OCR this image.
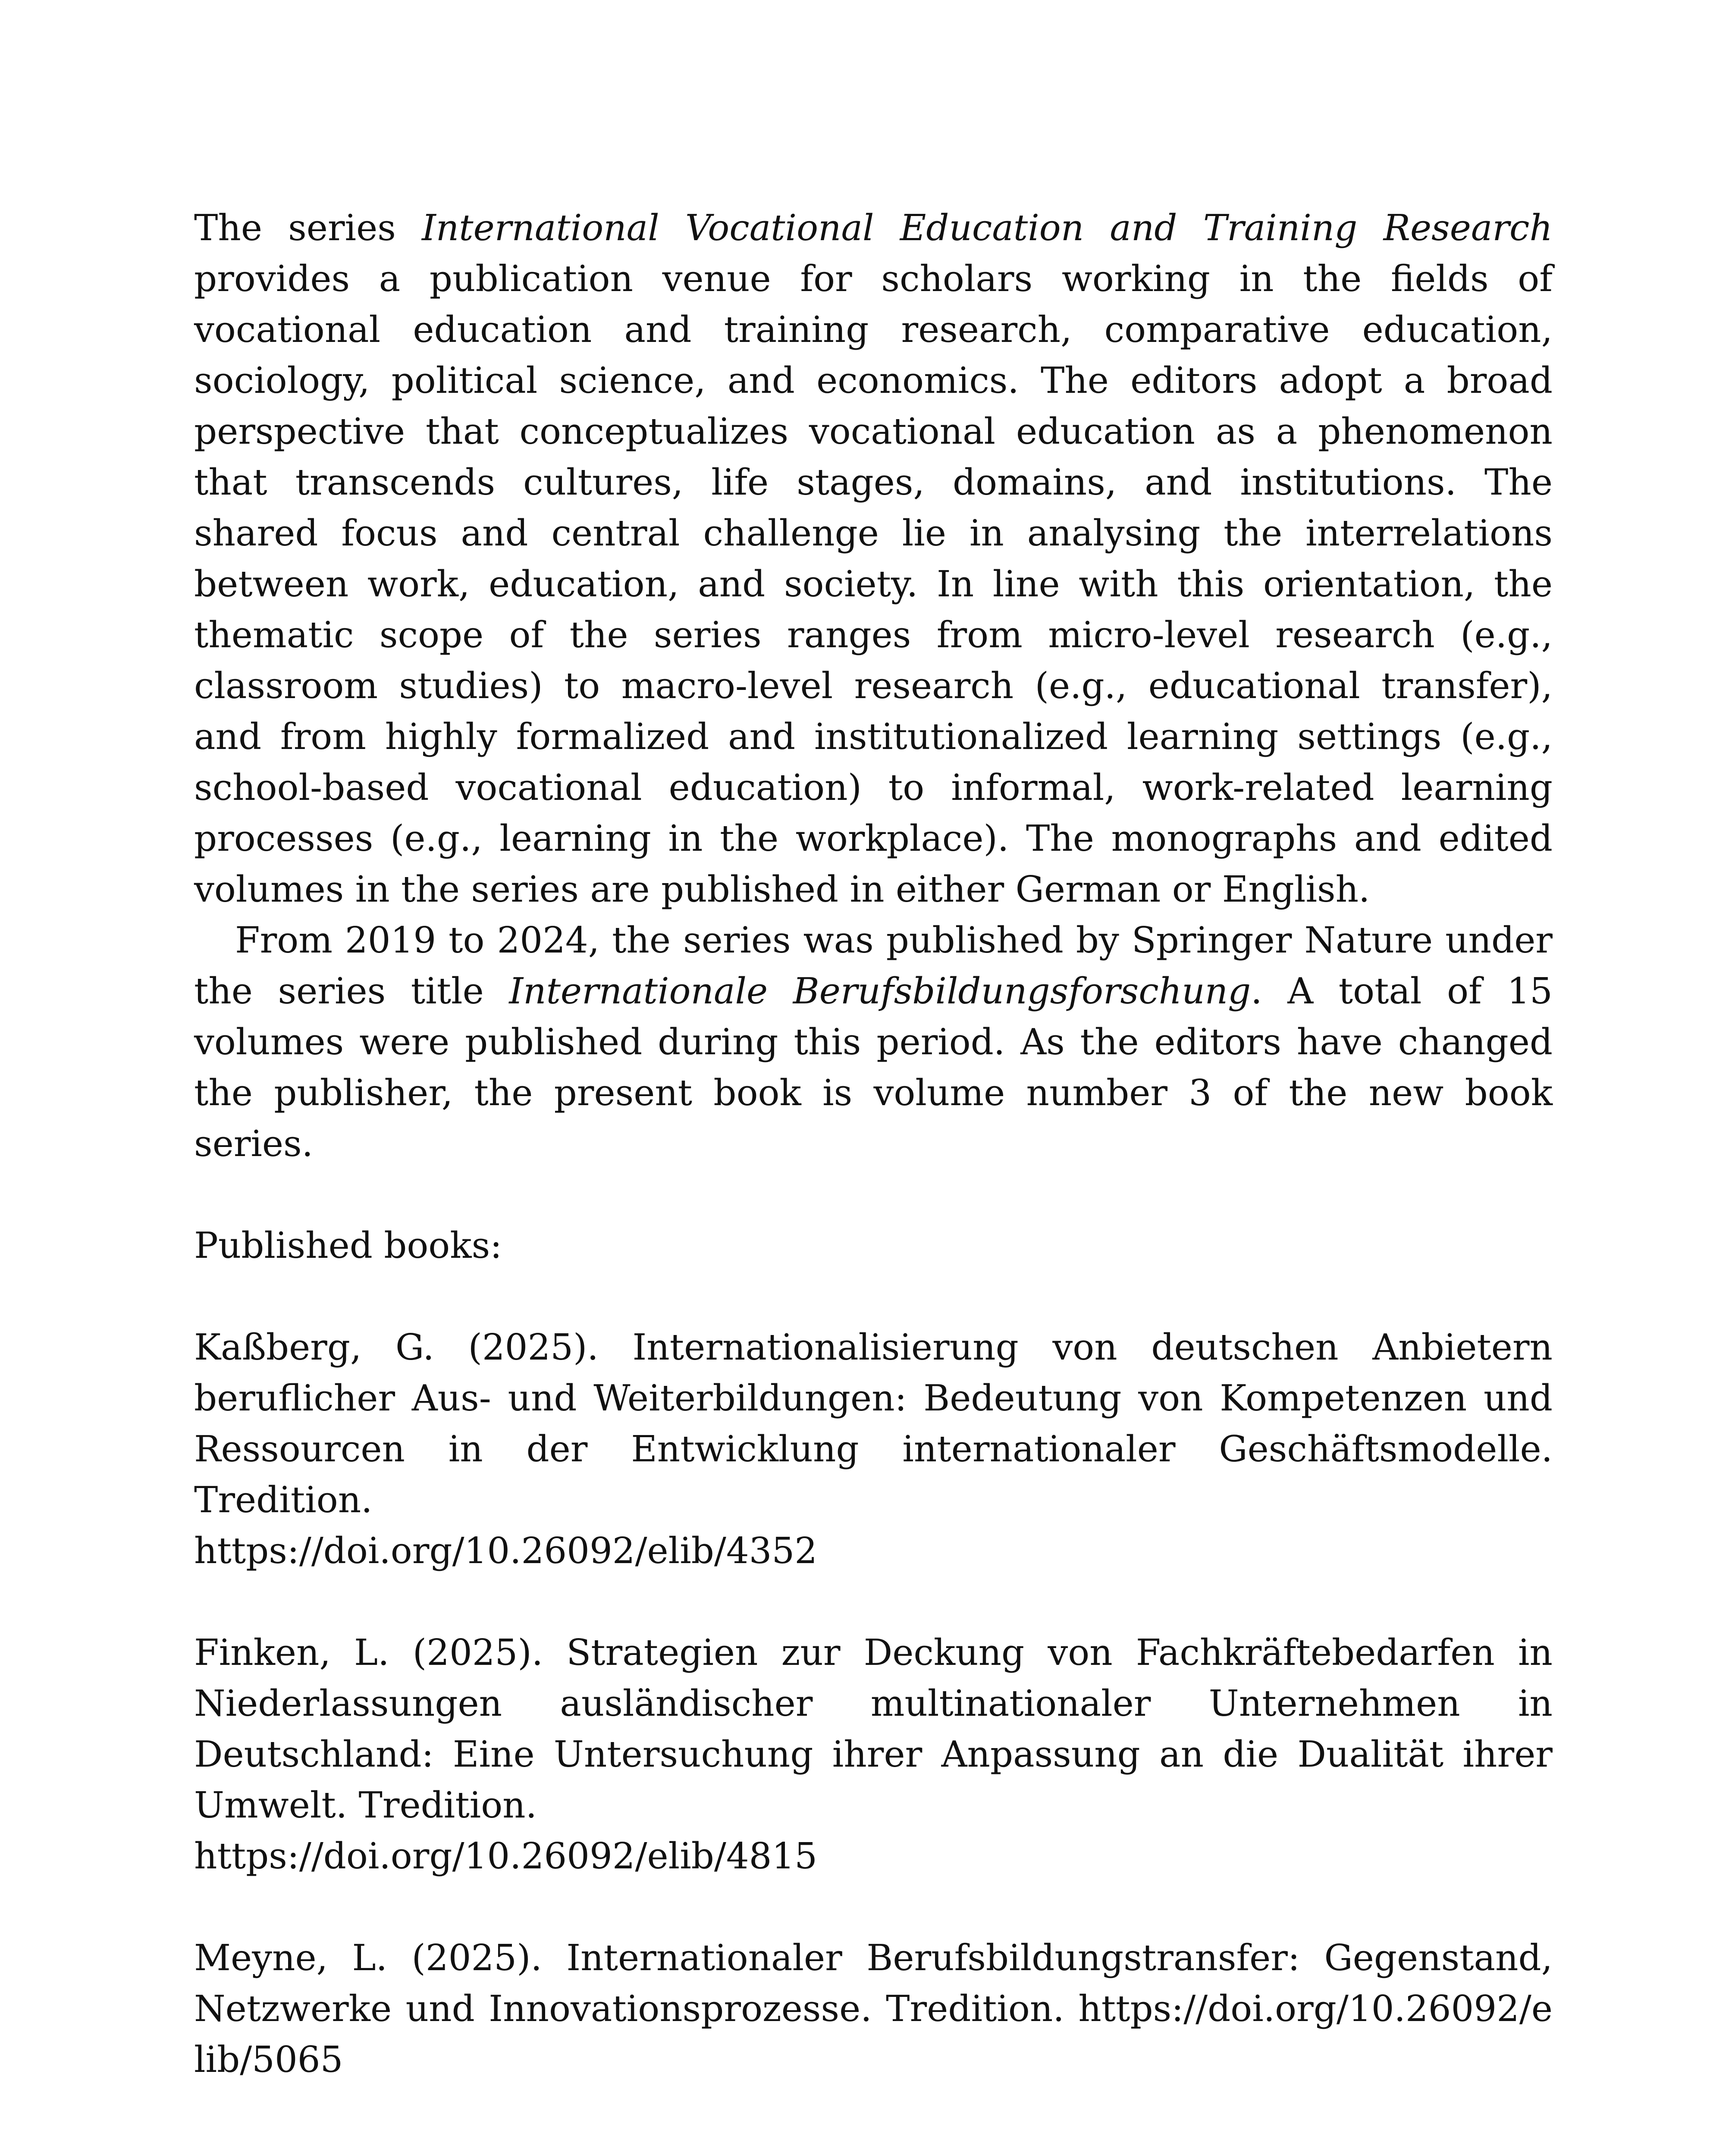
The series International Vocational Education and Training Research provides a publication venue for scholars working in the fields of vocational education and training research, comparative education, sociology, political science, and economics. The editors adopt a broad perspective that conceptualizes vocational education as a phenomenon that transcends cultures, life stages, domains, and institutions. The shared focus and central challenge lie in analysing the interrelations between work, education, and society. In line with this orientation, the thematic scope of the series ranges from micro-level research (e.g., classroom studies) to macro-level research (e.g., educational transfer), and from highly formalized and institutionalized learning settings (e.g., school-based vocational education) to informal, work-related learning processes (e.g., learning in the workplace). The monographs and edited volumes in the series are published in either German or English.

From 2019 to 2024, the series was published by Springer Nature under the series title Internationale Berufsbildungsforschung. A total of 15 volumes were published during this period. As the editors have changed the publisher, the present book is volume number 3 of the new book series.

Published books:

Kaßberg, G. (2025). Internationalisierung von deutschen Anbietern beruflicher Aus- und Weiterbildungen: Bedeutung von Kompetenzen und Ressourcen in der Entwicklung internationaler Geschäftsmodelle. Tredition.
https://doi.org/10.26092/elib/4352

Finken, L. (2025). Strategien zur Deckung von Fachkräftebedarfen in Niederlassungen ausländischer multinationaler Unternehmen in Deutschland: Eine Untersuchung ihrer Anpassung an die Dualität ihrer Umwelt. Tredition.
https://doi.org/10.26092/elib/4815

Meyne, L. (2025). Internationaler Berufsbildungstransfer: Gegenstand, Netzwerke und Innovationsprozesse. Tredition. https://doi.org/10.26092/elib/5065
